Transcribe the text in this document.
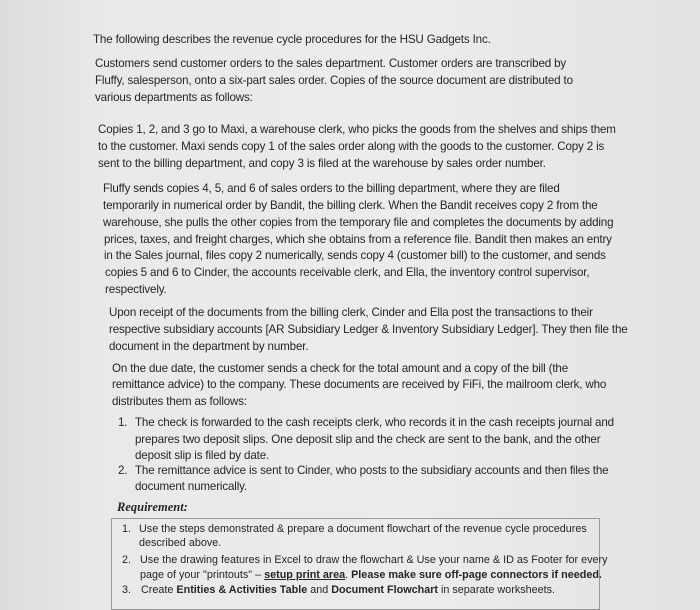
The following describes the revenue cycle procedures for the HSU Gadgets Inc.
Customers send customer orders to the sales department. Customer orders are transcribed by
Fluffy, salesperson, onto a six-part sales order. Copies of the source document are distributed to
various departments as follows:
Copies 1, 2, and 3 go to Maxi, a warehouse clerk, who picks the goods from the shelves and ships them
to the customer. Maxi sends copy 1 of the sales order along with the goods to the customer. Copy 2 is
sent to the billing department, and copy 3 is filed at the warehouse by sales order number.
Fluffy sends copies 4, 5, and 6 of sales orders to the billing department, where they are filed
temporarily in numerical order by Bandit, the billing clerk. When the Bandit receives copy 2 from the
warehouse, she pulls the other copies from the temporary file and completes the documents by adding
prices, taxes, and freight charges, which she obtains from a reference file. Bandit then makes an entry
in the Sales journal, files copy 2 numerically, sends copy 4 (customer bill) to the customer, and sends
copies 5 and 6 to Cinder, the accounts receivable clerk, and Ella, the inventory control supervisor,
respectively.
Upon receipt of the documents from the billing clerk, Cinder and Ella post the transactions to their
respective subsidiary accounts [AR Subsidiary Ledger & Inventory Subsidiary Ledger]. They then file the
document in the department by number.
On the due date, the customer sends a check for the total amount and a copy of the bill (the
remittance advice) to the company. These documents are received by FiFi, the mailroom clerk, who
distributes them as follows:
1. The check is forwarded to the cash receipts clerk, who records it in the cash receipts journal and
prepares two deposit slips. One deposit slip and the check are sent to the bank, and the other
deposit slip is filed by date.
2. The remittance advice is sent to Cinder, who posts to the subsidiary accounts and then files the
document numerically.
Requirement:
1. Use the steps demonstrated & prepare a document flowchart of the revenue cycle procedures
described above.
2. Use the drawing features in Excel to draw the flowchart & Use your name & ID as Footer for every
page of your "printouts" – setup print area. Please make sure off-page connectors if needed.
3. Create Entities & Activities Table and Document Flowchart in separate worksheets.
